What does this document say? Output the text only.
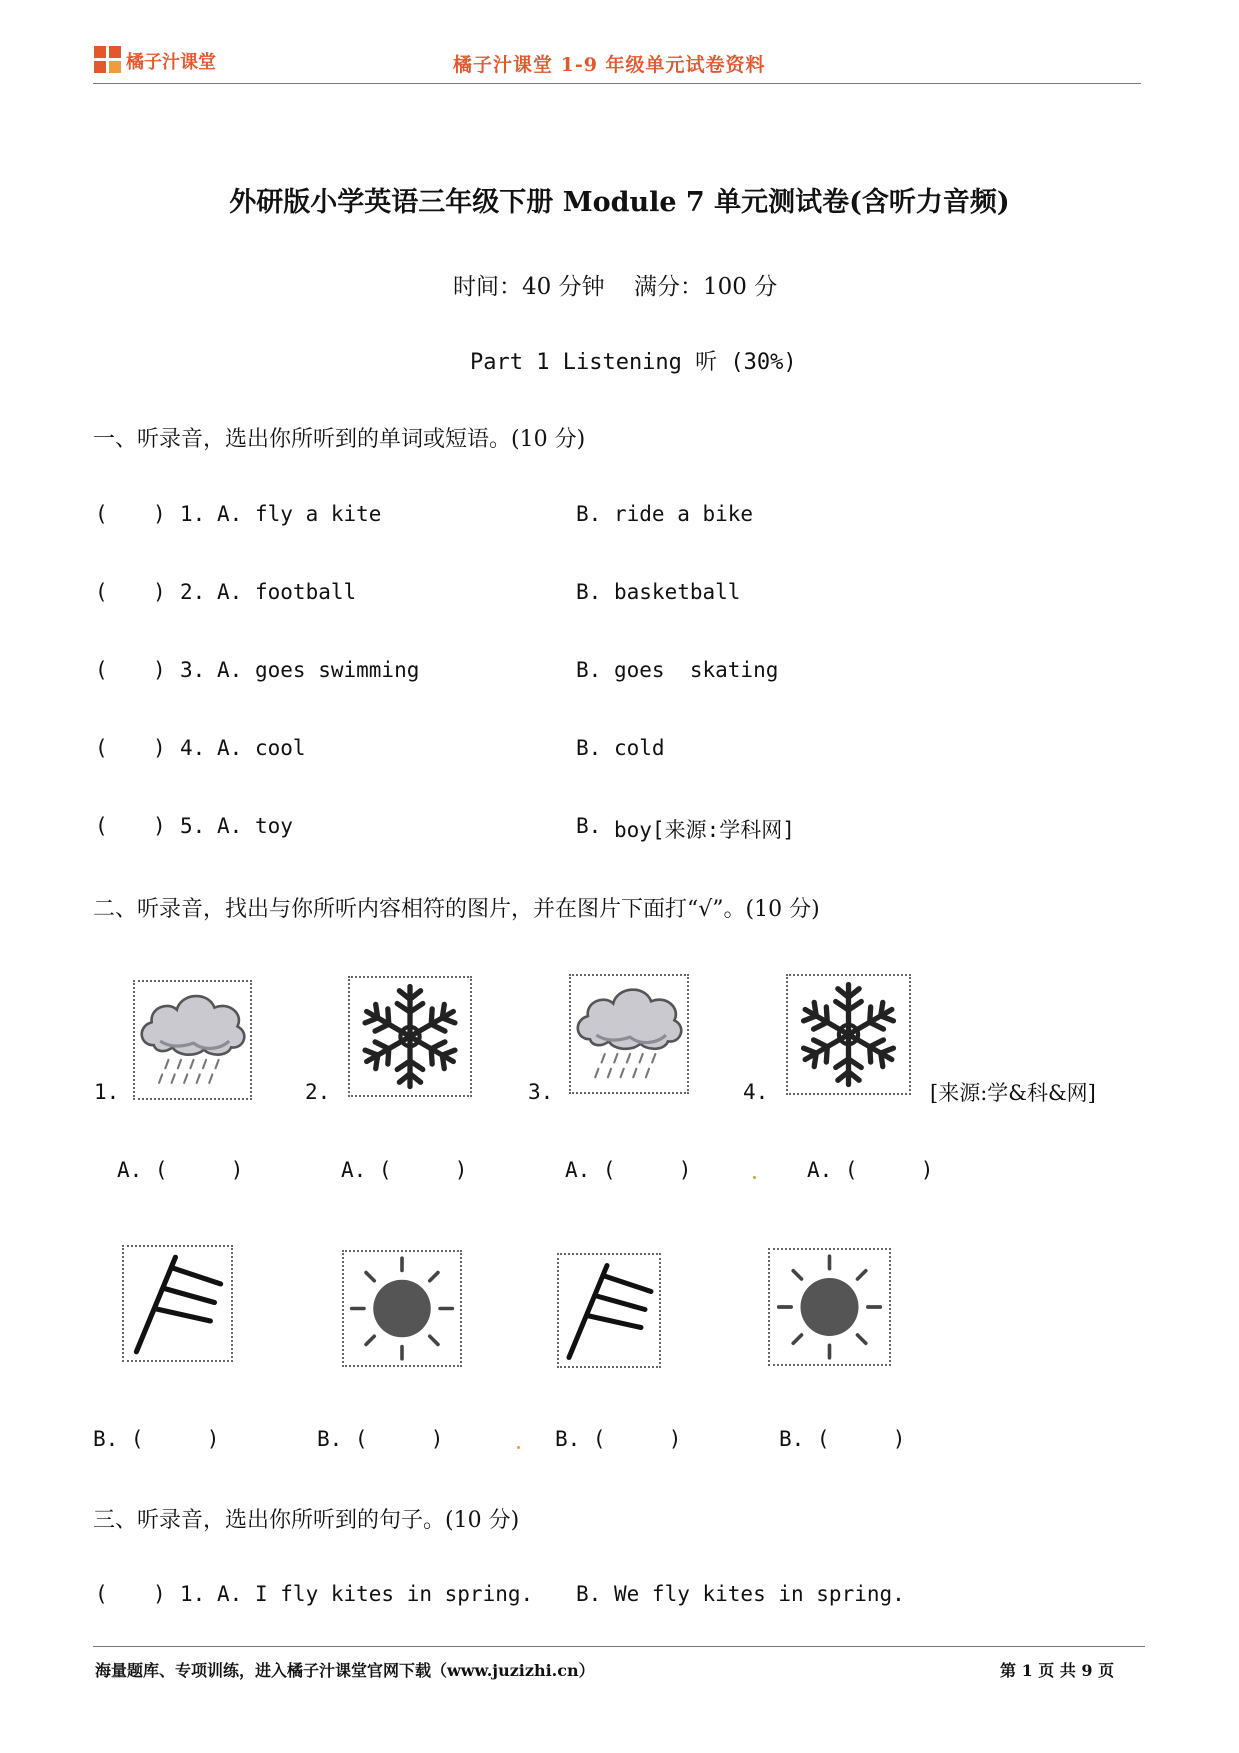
橘子汁课堂	橘子汁课堂 1-9 年级单元试卷资料
外研版小学英语三年级下册 Module 7 单元测试卷(含听力音频)
时间：40 分钟 满分：100 分
Part 1 Listening 听 (30%)
一、听录音，选出你所听到的单词或短语。(10 分)
( ) 1. A. fly a kite	B. ride a bike
( ) 2. A. football	B. basketball
( ) 3. A. goes swimming	B. goes  skating
( ) 4. A. cool	B. cold
( ) 5. A. toy	B. boy[来源:学科网]
二、听录音，找出与你所听内容相符的图片，并在图片下面打“√”。(10 分)
1.	2.	3.	4.	[来源:学&科&网]
A. (     )	A. (     )	A. (     )	A. (     )
B. (     )	B. (     )	B. (     )	B. (     )
三、听录音，选出你所听到的句子。(10 分)
( ) 1. A. I fly kites in spring. B. We fly kites in spring.
海量题库、专项训练，进入橘子汁课堂官网下载（www.juzizhi.cn）	第 1 页 共 9 页
